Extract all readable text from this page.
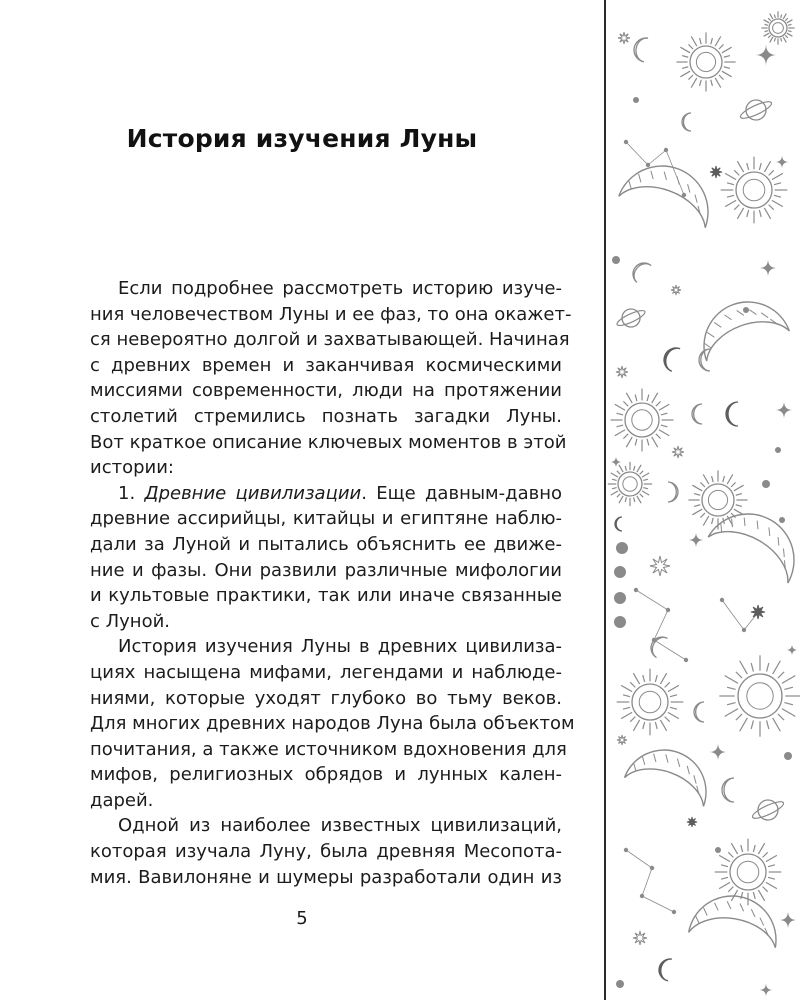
История изучения Луны
Если подробнее рассмотреть историю изуче-
ния человечеством Луны и ее фаз, то она окажет-
ся невероятно долгой и захватывающей. Начиная
с древних времен и заканчивая космическими
миссиями современности, люди на протяжении
столетий стремились познать загадки Луны.
Вот краткое описание ключевых моментов в этой
истории:
1. Древние цивилизации. Еще давным-давно
древние ассирийцы, китайцы и египтяне наблю-
дали за Луной и пытались объяснить ее движе-
ние и фазы. Они развили различные мифологии
и культовые практики, так или иначе связанные
с Луной.
История изучения Луны в древних цивилиза-
циях насыщена мифами, легендами и наблюде-
ниями, которые уходят глубоко во тьму веков.
Для многих древних народов Луна была объектом
почитания, а также источником вдохновения для
мифов, религиозных обрядов и лунных кален-
дарей.
Одной из наиболее известных цивилизаций,
которая изучала Луну, была древняя Месопота-
мия. Вавилоняне и шумеры разработали один из
5
